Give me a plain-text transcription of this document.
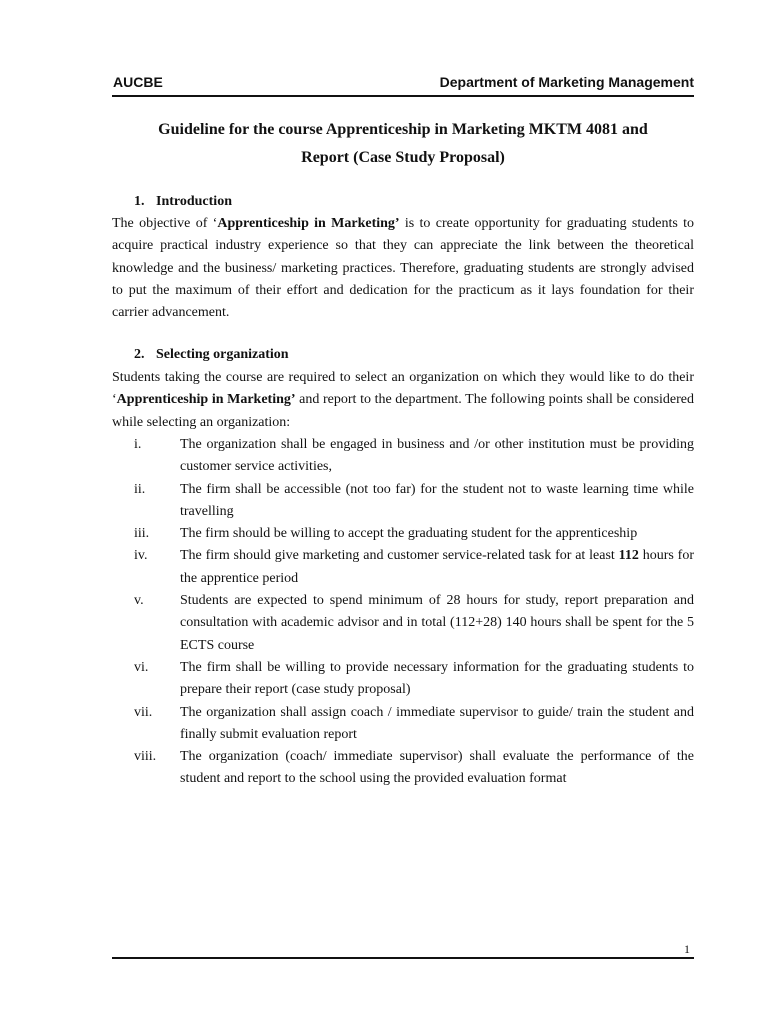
AUCBE	Department of Marketing Management
Guideline for the course Apprenticeship in Marketing MKTM 4081 and
Report (Case Study Proposal)
1. Introduction
The objective of ‘Apprenticeship in Marketing’ is to create opportunity for graduating students to acquire practical industry experience so that they can appreciate the link between the theoretical knowledge and the business/ marketing practices. Therefore, graduating students are strongly advised to put the maximum of their effort and dedication for the practicum as it lays foundation for their carrier advancement.
2. Selecting organization
Students taking the course are required to select an organization on which they would like to do their ‘Apprenticeship in Marketing’ and report to the department. The following points shall be considered while selecting an organization:
i.	The organization shall be engaged in business and /or other institution must be providing customer service activities,
ii. The firm shall be accessible (not too far) for the student not to waste learning time while travelling
iii. The firm should be willing to accept the graduating student for the apprenticeship
iv. The firm should give marketing and customer service-related task for at least 112 hours for the apprentice period
v.	Students are expected to spend minimum of 28 hours for study, report preparation and consultation with academic advisor and in total (112+28) 140 hours shall be spent for the 5 ECTS course
vi. The firm shall be willing to provide necessary information for the graduating students to prepare their report (case study proposal)
vii. The organization shall assign coach / immediate supervisor to guide/ train the student and finally submit evaluation report
viii. The organization (coach/ immediate supervisor) shall evaluate the performance of the student and report to the school using the provided evaluation format
1
